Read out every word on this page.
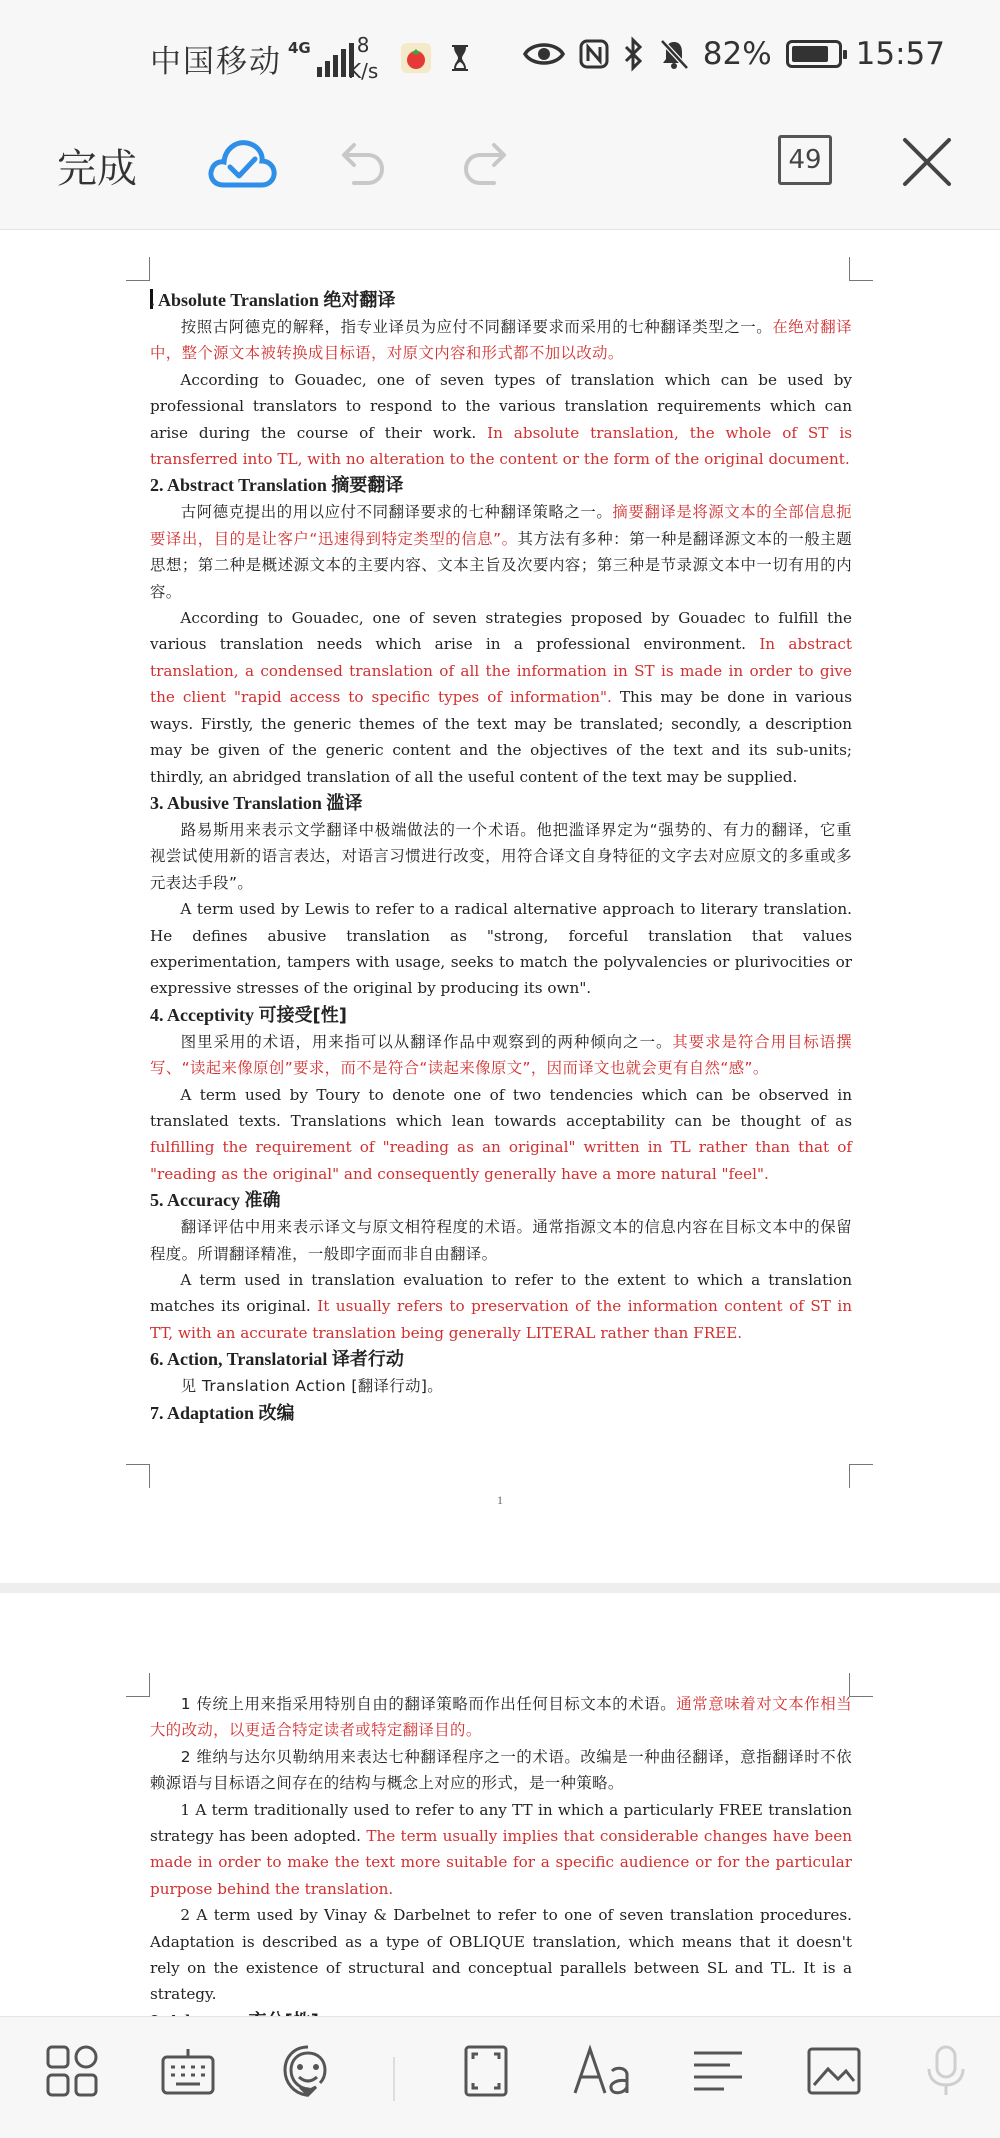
中国移动 4G	8
K/s	82%	15:57
完成	49
. Absolute Translation 绝对翻译

按照古阿德克的解释，指专业译员为应付不同翻译要求而采用的七种翻译类型之一。在绝对翻译中，整个源文本被转换成目标语，对原文内容和形式都不加以改动。

According to Gouadec, one of seven types of translation which can be used by professional translators to respond to the various translation requirements which can arise during the course of their work. In absolute translation, the whole of ST is transferred into TL, with no alteration to the content or the form of the original document.

2. Abstract Translation 摘要翻译

古阿德克提出的用以应付不同翻译要求的七种翻译策略之一。摘要翻译是将源文本的全部信息扼要译出，目的是让客户“迅速得到特定类型的信息”。其方法有多种：第一种是翻译源文本的一般主题思想；第二种是概述源文本的主要内容、文本主旨及次要内容；第三种是节录源文本中一切有用的内容。

According to Gouadec, one of seven strategies proposed by Gouadec to fulfill the various translation needs which arise in a professional environment. In abstract translation, a condensed translation of all the information in ST is made in order to give the client "rapid access to specific types of information". This may be done in various ways. Firstly, the generic themes of the text may be translated; secondly, a description may be given of the generic content and the objectives of the text and its sub-units; thirdly, an abridged translation of all the useful content of the text may be supplied.

3. Abusive Translation 滥译

路易斯用来表示文学翻译中极端做法的一个术语。他把滥译界定为“强势的、有力的翻译，它重视尝试使用新的语言表达，对语言习惯进行改变，用符合译文自身特征的文字去对应原文的多重或多元表达手段”。

A term used by Lewis to refer to a radical alternative approach to literary translation. He defines abusive translation as "strong, forceful translation that values experimentation, tampers with usage, seeks to match the polyvalencies or plurivocities or expressive stresses of the original by producing its own".

4. Acceptivity 可接受[性]

图里采用的术语，用来指可以从翻译作品中观察到的两种倾向之一。其要求是符合用目标语撰写、“读起来像原创”要求，而不是符合“读起来像原文”，因而译文也就会更有自然“感”。

A term used by Toury to denote one of two tendencies which can be observed in translated texts. Translations which lean towards acceptability can be thought of as fulfilling the requirement of "reading as an original" written in TL rather than that of "reading as the original" and consequently generally have a more natural "feel".

5. Accuracy 准确

翻译评估中用来表示译文与原文相符程度的术语。通常指源文本的信息内容在目标文本中的保留程度。所谓翻译精准，一般即字面而非自由翻译。

A term used in translation evaluation to refer to the extent to which a translation matches its original. It usually refers to preservation of the information content of ST in TT, with an accurate translation being generally LITERAL rather than FREE.

6. Action, Translatorial 译者行动

见 Translation Action [翻译行动]。

7. Adaptation 改编
1

1 传统上用来指采用特别自由的翻译策略而作出任何目标文本的术语。通常意味着对文本作相当大的改动，以更适合特定读者或特定翻译目的。

2 维纳与达尔贝勒纳用来表达七种翻译程序之一的术语。改编是一种曲径翻译，意指翻译时不依赖源语与目标语之间存在的结构与概念上对应的形式，是一种策略。

1 A term traditionally used to refer to any TT in which a particularly FREE translation strategy has been adopted. The term usually implies that considerable changes have been made in order to make the text more suitable for a specific audience or for the particular purpose behind the translation.

2 A term used by Vinay & Darbelnet to refer to one of seven translation procedures. Adaptation is described as a type of OBLIQUE translation, which means that it doesn't rely on the existence of structural and conceptual parallels between SL and TL. It is a strategy.
